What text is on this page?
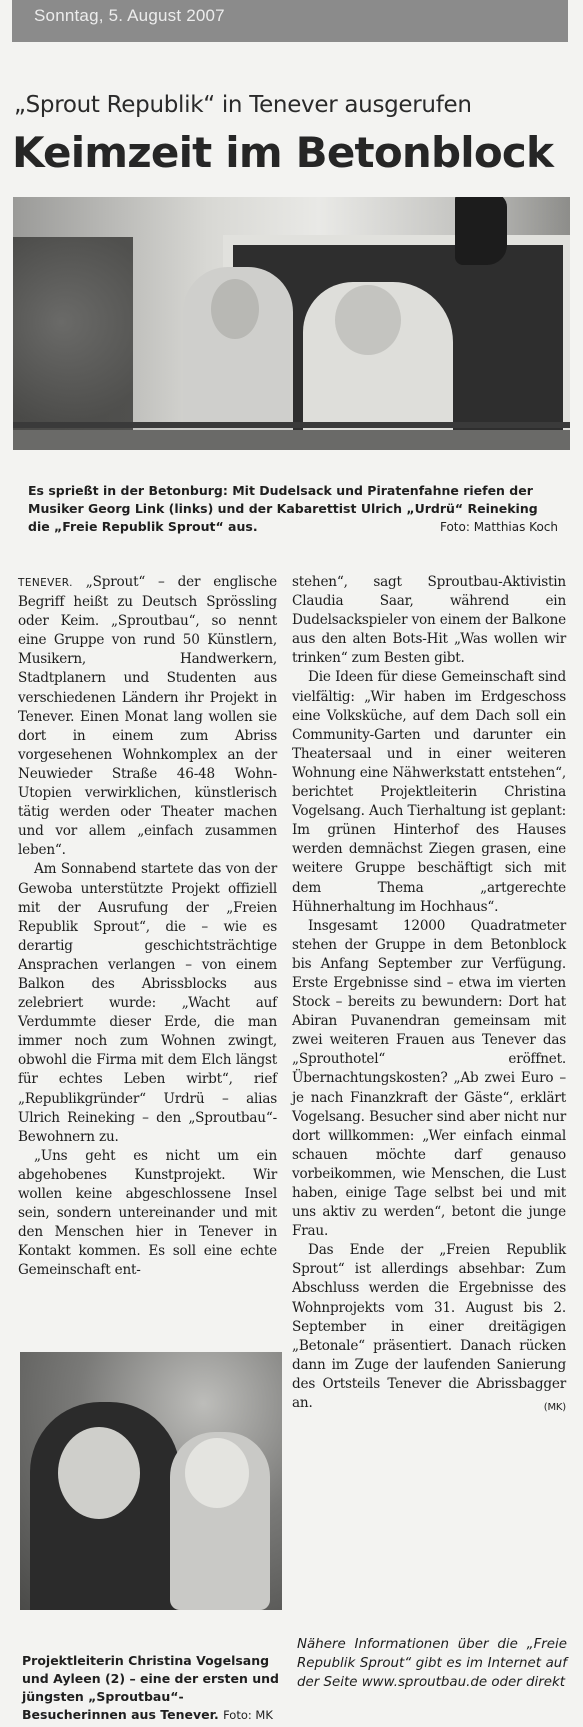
Sonntag, 5. August 2007
„Sprout Republik“ in Tenever ausgerufen
Keimzeit im Betonblock
Es sprießt in der Betonburg: Mit Dudelsack und Piratenfahne riefen der Musiker Georg Link (links) und der Kabarettist Ulrich „Urdrü“ Reineking die „Freie Republik Sprout“ aus.	Foto: Matthias Koch

TENEVER. „Sprout“ – der englische Begriff heißt zu Deutsch Sprössling oder Keim. „Sproutbau“, so nennt eine Gruppe von rund 50 Künstlern, Musikern, Handwerkern, Stadtplanern und Studenten aus verschiedenen Ländern ihr Projekt in Tenever. Einen Monat lang wollen sie dort in einem zum Abriss vorgesehenen Wohnkomplex an der Neuwieder Straße 46-48 Wohn-Utopien verwirklichen, künstlerisch tätig werden oder Theater machen und vor allem „einfach zusammen leben“.

Am Sonnabend startete das von der Gewoba unterstützte Projekt offiziell mit der Ausrufung der „Freien Republik Sprout“, die – wie es derartig geschichtsträchtige Ansprachen verlangen – von einem Balkon des Abrissblocks aus zelebriert wurde: „Wacht auf Verdummte dieser Erde, die man immer noch zum Wohnen zwingt, obwohl die Firma mit dem Elch längst für echtes Leben wirbt“, rief „Republikgründer“ Urdrü – alias Ulrich Reineking – den „Sproutbau“-Bewohnern zu.

„Uns geht es nicht um ein abgehobenes Kunstprojekt. Wir wollen keine abgeschlossene Insel sein, sondern untereinander und mit den Menschen hier in Tenever in Kontakt kommen. Es soll eine echte Gemeinschaft ent-

stehen“, sagt Sproutbau-Aktivistin Claudia Saar, während ein Dudelsackspieler von einem der Balkone aus den alten Bots-Hit „Was wollen wir trinken“ zum Besten gibt.

Die Ideen für diese Gemeinschaft sind vielfältig: „Wir haben im Erdgeschoss eine Volksküche, auf dem Dach soll ein Community-Garten und darunter ein Theatersaal und in einer weiteren Wohnung eine Nähwerkstatt entstehen“, berichtet Projektleiterin Christina Vogelsang. Auch Tierhaltung ist geplant: Im grünen Hinterhof des Hauses werden demnächst Ziegen grasen, eine weitere Gruppe beschäftigt sich mit dem Thema „artgerechte Hühnerhaltung im Hochhaus“.

Insgesamt 12000 Quadratmeter stehen der Gruppe in dem Betonblock bis Anfang September zur Verfügung. Erste Ergebnisse sind – etwa im vierten Stock – bereits zu bewundern: Dort hat Abiran Puvanendran gemeinsam mit zwei weiteren Frauen aus Tenever das „Sprouthotel“ eröffnet. Übernachtungskosten? „Ab zwei Euro – je nach Finanzkraft der Gäste“, erklärt Vogelsang. Besucher sind aber nicht nur dort willkommen: „Wer einfach einmal schauen möchte darf genauso vorbeikommen, wie Menschen, die Lust haben, einige Tage selbst bei und mit uns aktiv zu werden“, betont die junge Frau.

Das Ende der „Freien Republik Sprout“ ist allerdings absehbar: Zum Abschluss werden die Ergebnisse des Wohnprojekts vom 31. August bis 2. September in einer dreitägigen „Betonale“ präsentiert. Danach rücken dann im Zuge der laufenden Sanierung des Ortsteils Tenever die Abrissbagger an.	(MK)

Projektleiterin Christina Vogelsang und Ayleen (2) – eine der ersten und jüngsten „Sproutbau“-Besucherinnen aus Tenever. Foto: MK
Nähere Informationen über die „Freie Republik Sprout“ gibt es im Internet auf der Seite www.sproutbau.de oder direkt
